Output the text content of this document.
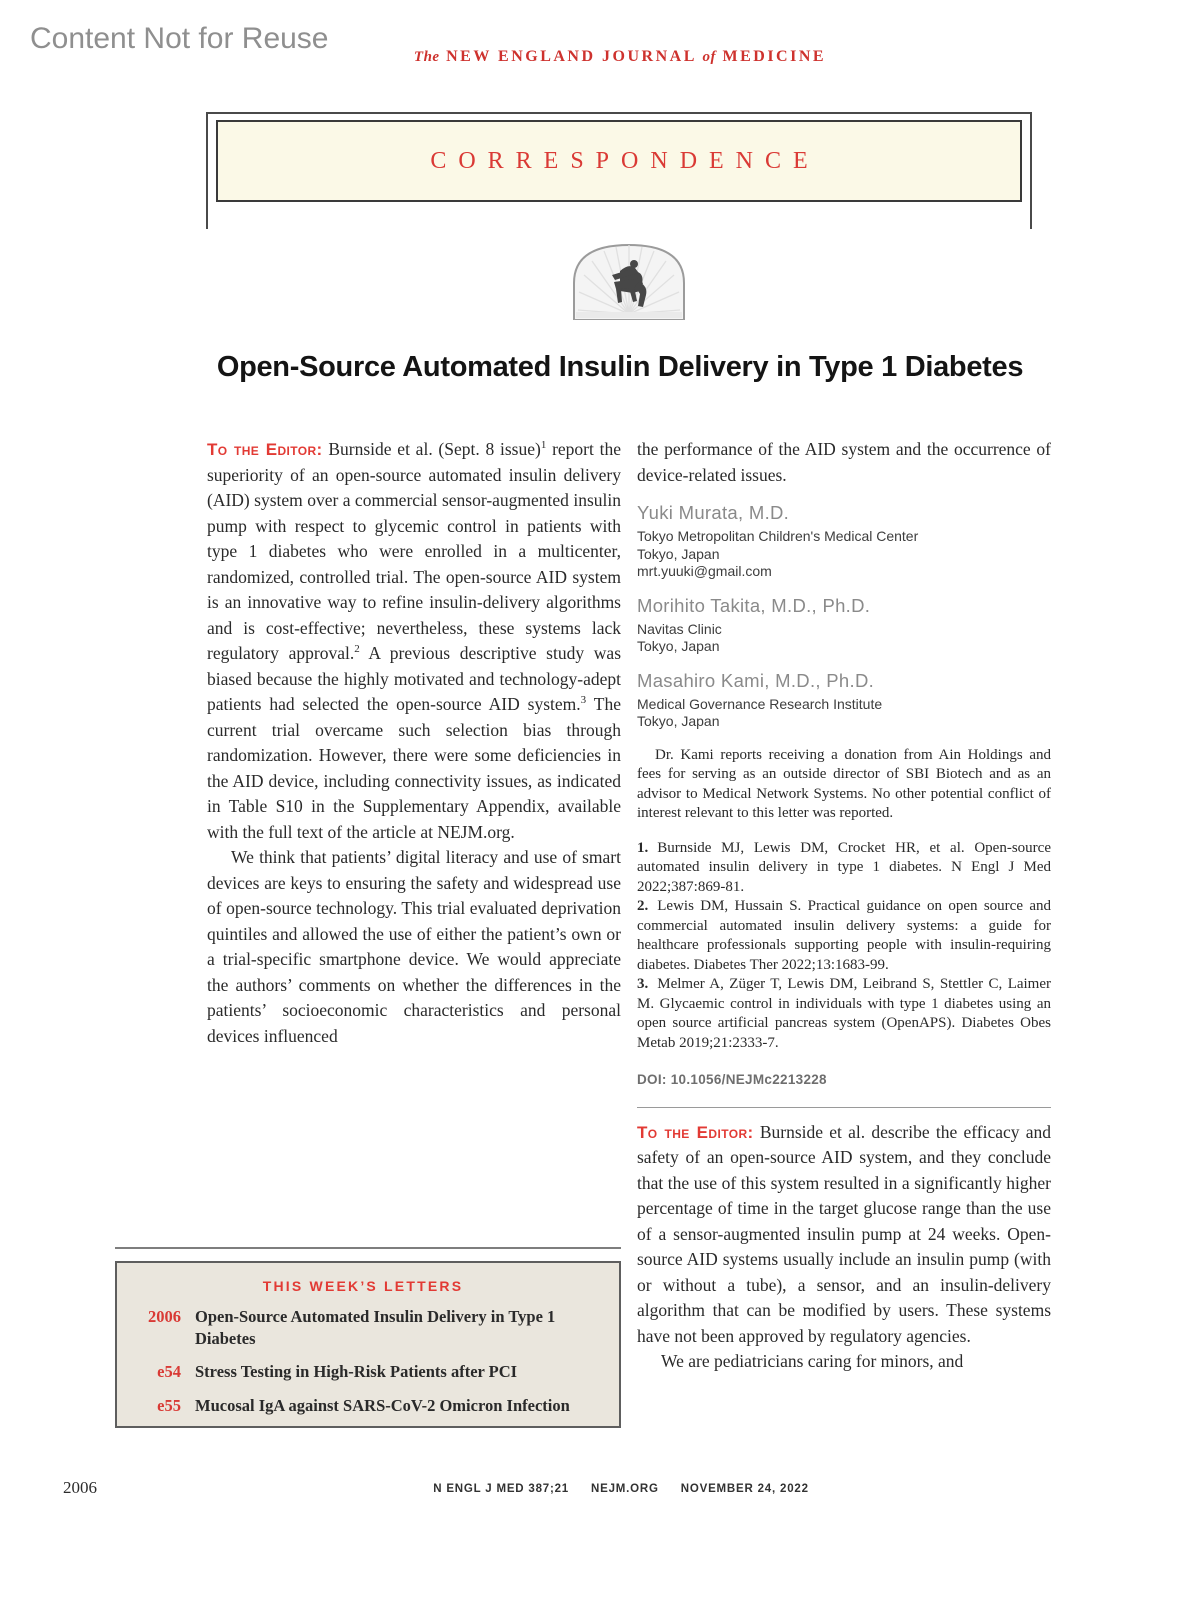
Content Not for Reuse
The NEW ENGLAND JOURNAL of MEDICINE
CORRESPONDENCE
Open-Source Automated Insulin Delivery in Type 1 Diabetes

To the Editor: Burnside et al. (Sept. 8 issue)$^1$ report the superiority of an open-source automated insulin delivery (AID) system over a commercial sensor-augmented insulin pump with respect to glycemic control in patients with type 1 diabetes who were enrolled in a multicenter, randomized, controlled trial. The open-source AID system is an innovative way to refine insulin-delivery algorithms and is cost-effective; nevertheless, these systems lack regulatory approval.$^2$ A previous descriptive study was biased because the highly motivated and technology-adept patients had selected the open-source AID system.$^3$ The current trial overcame such selection bias through randomization. However, there were some deficiencies in the AID device, including connectivity issues, as indicated in Table S10 in the Supplementary Appendix, available with the full text of the article at NEJM.org.

We think that patients’ digital literacy and use of smart devices are keys to ensuring the safety and widespread use of open-source technology. This trial evaluated deprivation quintiles and allowed the use of either the patient’s own or a trial-specific smartphone device. We would appreciate the authors’ comments on whether the differences in the patients’ socioeconomic characteristics and personal devices influenced

the performance of the AID system and the occurrence of device-related issues.

Yuki Murata, M.D.
Tokyo Metropolitan Children's Medical Center
Tokyo, Japan
mrt.yuuki@gmail.com
Morihito Takita, M.D., Ph.D.
Navitas Clinic
Tokyo, Japan
Masahiro Kami, M.D., Ph.D.
Medical Governance Research Institute
Tokyo, Japan

Dr. Kami reports receiving a donation from Ain Holdings and fees for serving as an outside director of SBI Biotech and as an advisor to Medical Network Systems. No other potential conflict of interest relevant to this letter was reported.

1. Burnside MJ, Lewis DM, Crocket HR, et al. Open-source automated insulin delivery in type 1 diabetes. N Engl J Med 2022;387:869-81.
2. Lewis DM, Hussain S. Practical guidance on open source and commercial automated insulin delivery systems: a guide for healthcare professionals supporting people with insulin-requiring diabetes. Diabetes Ther 2022;13:1683-99.
3. Melmer A, Züger T, Lewis DM, Leibrand S, Stettler C, Laimer M. Glycaemic control in individuals with type 1 diabetes using an open source artificial pancreas system (OpenAPS). Diabetes Obes Metab 2019;21:2333-7.
DOI: 10.1056/NEJMc2213228

To the Editor: Burnside et al. describe the efficacy and safety of an open-source AID system, and they conclude that the use of this system resulted in a significantly higher percentage of time in the target glucose range than the use of a sensor-augmented insulin pump at 24 weeks. Open-source AID systems usually include an insulin pump (with or without a tube), a sensor, and an insulin-delivery algorithm that can be modified by users. These systems have not been approved by regulatory agencies.

We are pediatricians caring for minors, and

THIS WEEK’S LETTERS
2006 Open-Source Automated Insulin Delivery in Type 1 Diabetes
e54 Stress Testing in High-Risk Patients after PCI
e55 Mucosal IgA against SARS-CoV-2 Omicron Infection
2006	N ENGL J MED 387;21 NEJM.ORG NOVEMBER 24, 2022
